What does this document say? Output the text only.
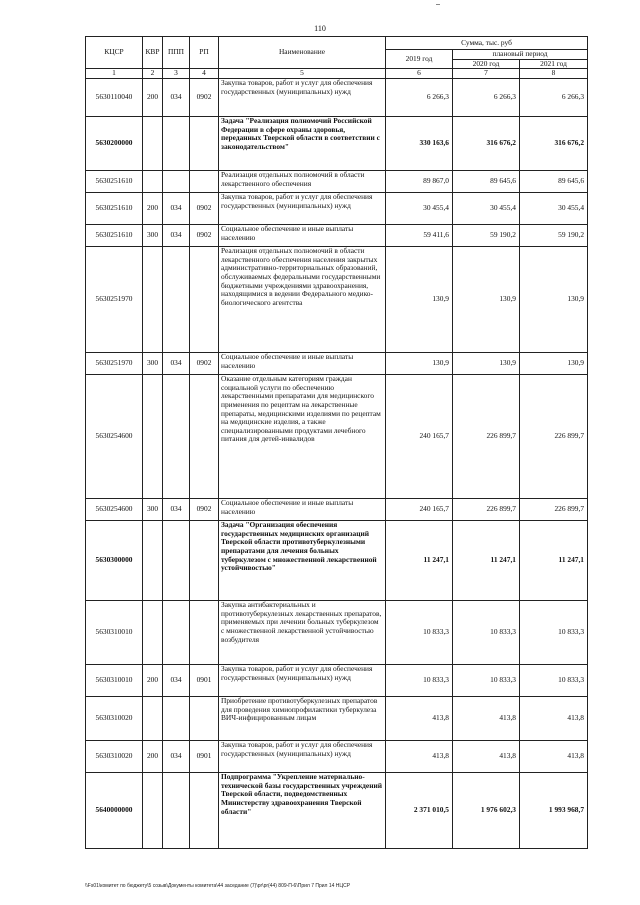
110
КЦСР	КВР	ППП	РП	Наименование	Сумма, тыс. руб		
					2019 год	плановый период	
						2020 год	2021 год
1	2	3	4	5	6	7	8
5630110040	200	034	0902	Закупка товаров, работ и услуг для обеспечения государственных (муниципальных) нужд	6 266,3	6 266,3	6 266,3
5630200000				Задача "Реализация полномочий Российской Федерации в сфере охраны здоровья, переданных Тверской области в соответствии с законодательством"	330 163,6	316 676,2	316 676,2
5630251610				Реализация отдельных полномочий в области лекарственного обеспечения	89 867,0	89 645,6	89 645,6
5630251610	200	034	0902	Закупка товаров, работ и услуг для обеспечения государственных (муниципальных) нужд	30 455,4	30 455,4	30 455,4
5630251610	300	034	0902	Социальное обеспечение и иные выплаты населению	59 411,6	59 190,2	59 190,2
5630251970				Реализация отдельных полномочий в области лекарственного обеспечения населения закрытых административно-территориальных образований, обслуживаемых федеральными государственными бюджетными учреждениями здравоохранения, находящимися в ведении Федерального медико-биологического агентства	130,9	130,9	130,9
5630251970	300	034	0902	Социальное обеспечение и иные выплаты населению	130,9	130,9	130,9
5630254600				Оказание отдельным категориям граждан социальной услуги по обеспечению лекарственными препаратами для медицинского применения по рецептам на лекарственные препараты, медицинскими изделиями по рецептам на медицинские изделия, а также специализированными продуктами лечебного питания для детей-инвалидов	240 165,7	226 899,7	226 899,7
5630254600	300	034	0902	Социальное обеспечение и иные выплаты населению	240 165,7	226 899,7	226 899,7
5630300000				Задача "Организация обеспечения государственных медицинских организаций Тверской области противотуберкулезными препаратами для лечения больных туберкулезом с множественной лекарственной устойчивостью"	11 247,1	11 247,1	11 247,1
5630310010				Закупка антибактериальных и противотуберкулезных лекарственных препаратов, применяемых при лечении больных туберкулезом с множественной лекарственной устойчивостью возбудителя	10 833,3	10 833,3	10 833,3
5630310010	200	034	0901	Закупка товаров, работ и услуг для обеспечения государственных (муниципальных) нужд	10 833,3	10 833,3	10 833,3
5630310020				Приобретение противотуберкулезных препаратов для проведения химиопрофилактики туберкулеза ВИЧ-инфицированным лицам	413,8	413,8	413,8
5630310020	200	034	0901	Закупка товаров, работ и услуг для обеспечения государственных (муниципальных) нужд	413,8	413,8	413,8
5640000000				Подпрограмма "Укрепление материально-технической базы государственных учреждений Тверской области, подведомственных Министерству здравоохранения Тверской области"	2 371 010,5	1 976 602,3	1 993 968,7
\\Fs01\комитет по бюджету\5 созыв\Документы комитета\44 заседание (7)\pr\pr(44) 809-П-6\Прил 7 Прил 14 НЦСР
